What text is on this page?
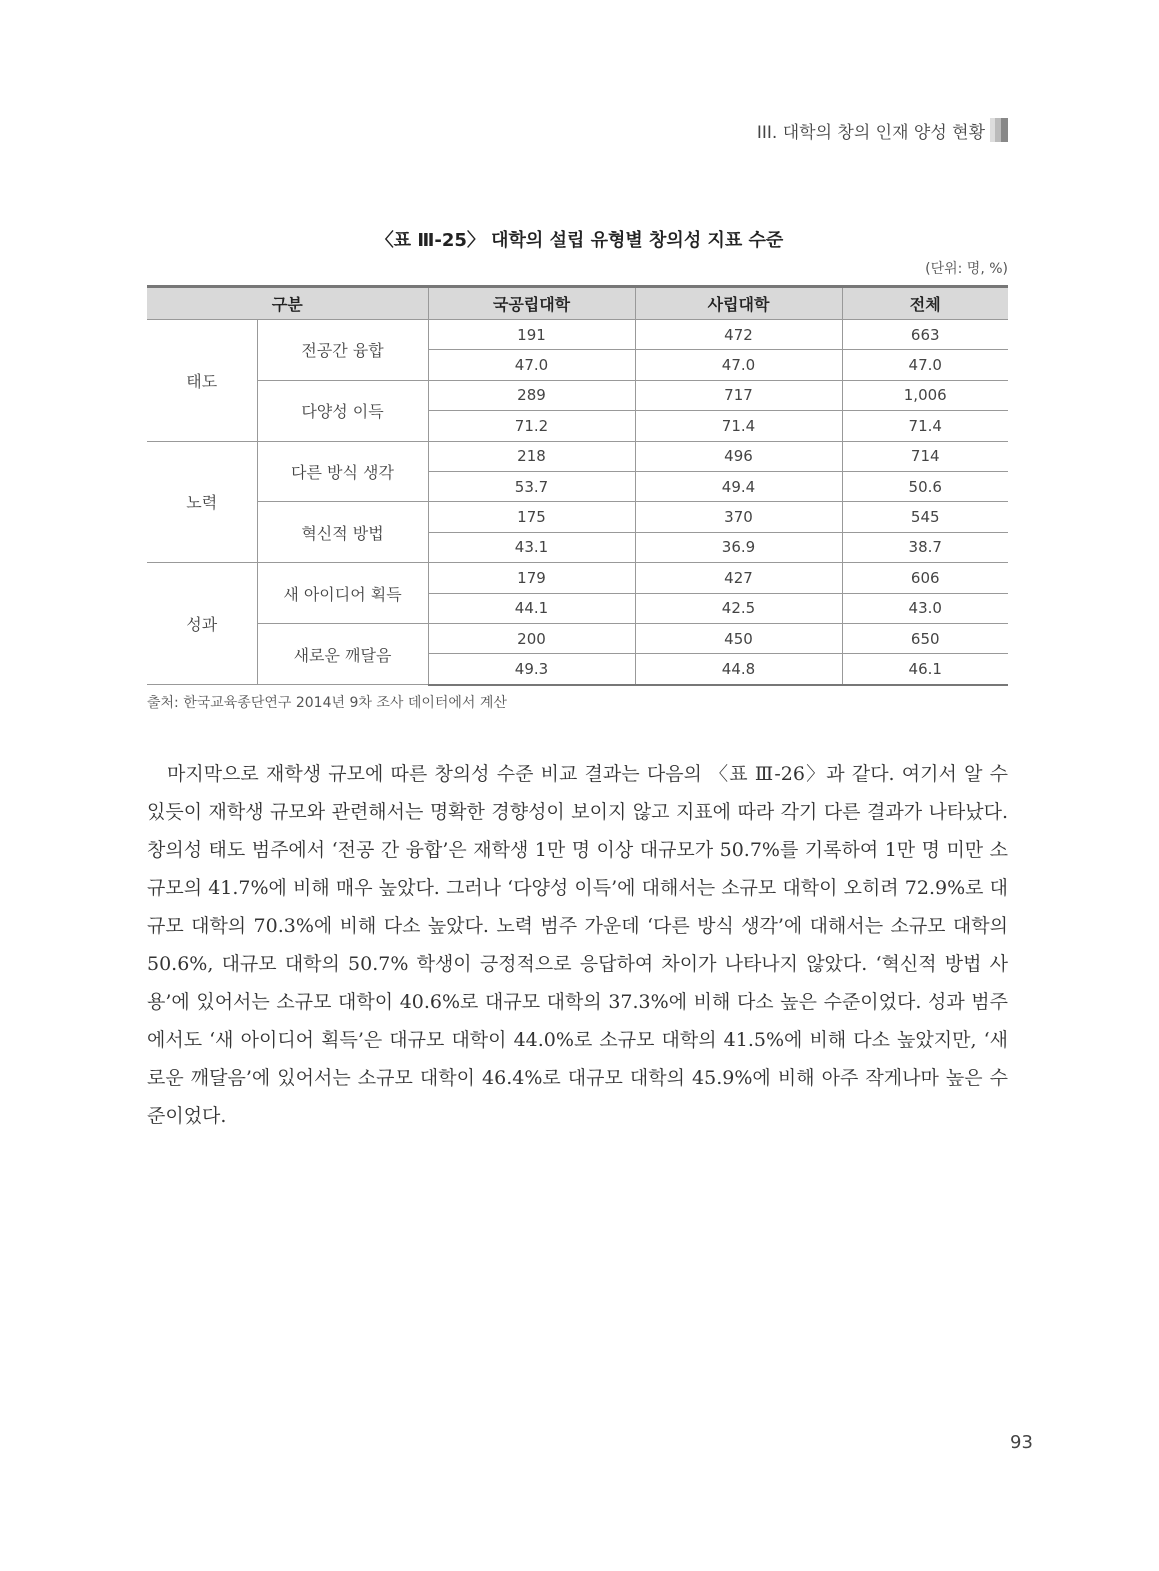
III. 대학의 창의 인재 양성 현황
〈표 Ⅲ-25〉 대학의 설립 유형별 창의성 지표 수준
(단위: 명, %)
구분		국공립대학	사립대학	전체
태도	전공간 융합	191	472	663
		47.0	47.0	47.0
	다양성 이득	289	717	1,006
		71.2	71.4	71.4
노력	다른 방식 생각	218	496	714
		53.7	49.4	50.6
	혁신적 방법	175	370	545
		43.1	36.9	38.7
성과	새 아이디어 획득	179	427	606
		44.1	42.5	43.0
	새로운 깨달음	200	450	650
		49.3	44.8	46.1
출처: 한국교육종단연구 2014년 9차 조사 데이터에서 계산
마지막으로 재학생 규모에 따른 창의성 수준 비교 결과는 다음의 〈표 Ⅲ-26〉과 같다. 여기서 알 수 있듯이 재학생 규모와 관련해서는 명확한 경향성이 보이지 않고 지표에 따라 각기 다른 결과가 나타났다. 창의성 태도 범주에서 ‘전공 간 융합’은 재학생 1만 명 이상 대규모가 50.7%를 기록하여 1만 명 미만 소규모의 41.7%에 비해 매우 높았다. 그러나 ‘다양성 이득’에 대해서는 소규모 대학이 오히려 72.9%로 대규모 대학의 70.3%에 비해 다소 높았다. 노력 범주 가운데 ‘다른 방식 생각’에 대해서는 소규모 대학의 50.6%, 대규모 대학의 50.7% 학생이 긍정적으로 응답하여 차이가 나타나지 않았다. ‘혁신적 방법 사용’에 있어서는 소규모 대학이 40.6%로 대규모 대학의 37.3%에 비해 다소 높은 수준이었다. 성과 범주에서도 ‘새 아이디어 획득’은 대규모 대학이 44.0%로 소규모 대학의 41.5%에 비해 다소 높았지만, ‘새로운 깨달음’에 있어서는 소규모 대학이 46.4%로 대규모 대학의 45.9%에 비해 아주 작게나마 높은 수준이었다.
93
